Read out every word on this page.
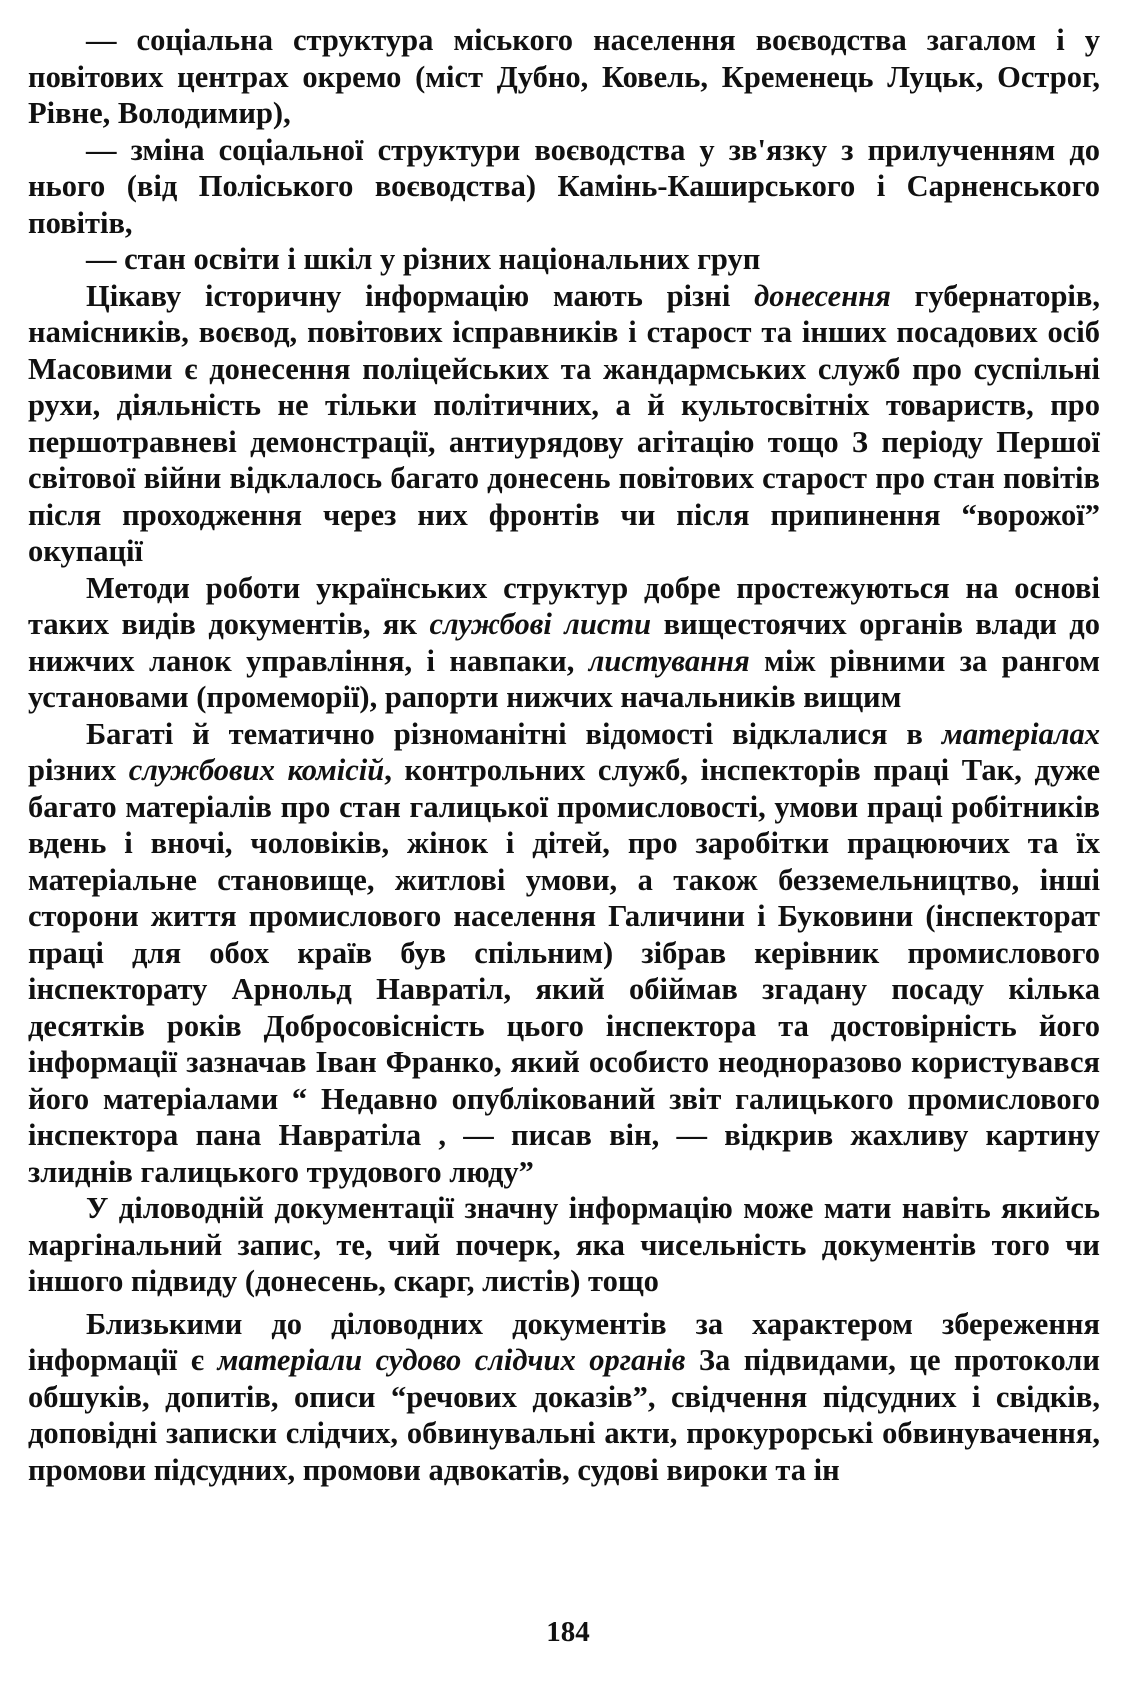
— соціальна структура міського населення воєводства загалом і у повітових центрах окремо (міст Дубно, Ковель, Кременець Луцьк, Острог, Рівне, Володимир),

— зміна соціальної структури воєводства у зв'язку з прилученням до нього (від Поліського воєводства) Камінь-Каширського і Сарненського повітів,

— стан освіти і шкіл у різних національних груп

Цікаву історичну інформацію мають різні донесення губернаторів, намісників, воєвод, повітових ісправників і старост та інших посадових осіб Масовими є донесення поліцейських та жандармських служб про суспільні рухи, діяльність не тільки політичних, а й культосвітніх товариств, про першотравневі демонстрації, антиурядову агітацію тощо З періоду Першої світової війни відклалось багато донесень повітових старост про стан повітів після проходження через них фронтів чи після припинення “ворожої” окупації

Методи роботи українських структур добре простежуються на основі таких видів документів, як службові листи вищестоячих органів влади до нижчих ланок управління, і навпаки, листування між рівними за рангом установами (промеморії), рапорти нижчих начальників вищим

Багаті й тематично різноманітні відомості відклалися в матеріалах різних службових комісій, контрольних служб, інспекторів праці Так, дуже багато матеріалів про стан галицької промисловості, умови праці робітників вдень і вночі, чоловіків, жінок і дітей, про заробітки працюючих та їх матеріальне становище, житлові умови, а також безземельництво, інші сторони життя промислового населення Галичини і Буковини (інспекторат праці для обох країв був спільним) зібрав керівник промислового інспекторату Арнольд Навратіл, який обіймав згадану посаду кілька десятків років Добросовісність цього інспектора та достовірність його інформації зазначав Іван Франко, який особисто неодноразово користувався його матеріалами “ Недавно опублікований звіт галицького промислового інспектора пана Навратіла , — писав він, — відкрив жахливу картину злиднів галицького трудового люду”

У діловодній документації значну інформацію може мати навіть якийсь маргінальний запис, те, чий почерк, яка чисельність документів того чи іншого підвиду (донесень, скарг, листів) тощо

Близькими до діловодних документів за характером збереження інформації є матеріали судово слідчих органів За підвидами, це протоколи обшуків, допитів, описи “речових доказів”, свідчення підсудних і свідків, доповідні записки слідчих, обвинувальні акти, прокурорські обвинувачення, промови підсудних, промови адвокатів, судові вироки та ін

184
